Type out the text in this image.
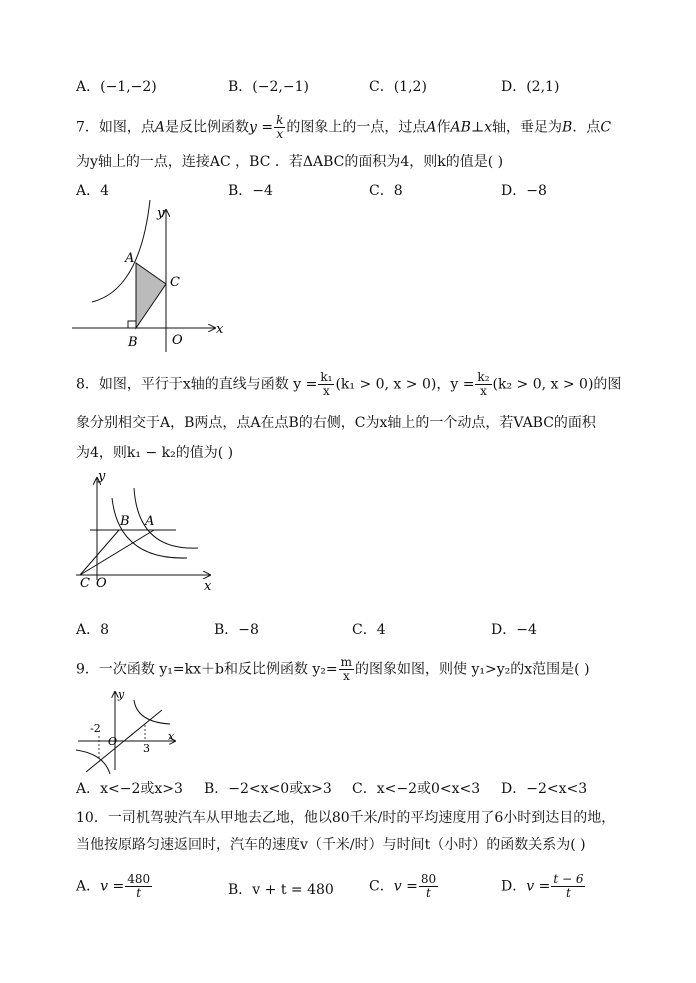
A．(−1,−2)	B．(−2,−1)	C．(1,2)	D．(2,1)
7．如图，点A是反比例函数$y = \frac{k}{x}$ 的图象上的一点，过点A作AB⊥x轴，垂足为B．点C
为y轴上的一点，连接AC ，BC ．若ΔABC的面积为4，则k的值是( )
A．4	B．−4	C．8	D．−8
y
x
A
B
C
O
8．如图，平行于x轴的直线与函数 $y = \frac{\text{k₁}}{x} (k_1 > 0$, x > 0)，$y = \frac{\text{k₂}}{x} (k_2 > 0$, x > 0)的图
象分别相交于A，B两点，点A在点B的右侧，C为x轴上的一个动点，若VABC的面积
为4，则k₁ − k₂的值为( )
y
x
B A
C O
A．8	B．−8	C．4	D．−4
9．一次函数 y₁=kx＋b和反比例函数 $y_2= \frac{m}{x}$ 的图象如图，则使 y₁>y₂的x范围是( )
y
x
O
-2
3
A．x<−2或x>3 B．−2<x<0或x>3 C．x<−2或0<x<3 D．−2<x<3
10．一司机驾驶汽车从甲地去乙地，他以80千米/时的平均速度用了6小时到达目的地，
当他按原路匀速返回时，汽车的速度v（千米/时）与时间t（小时）的函数关系为( )
A．$v = \frac{480}{t}$	B．v + t = 480	C．$v = \frac{80}{t}$	D．$v = \frac{t - 6}{t}$
